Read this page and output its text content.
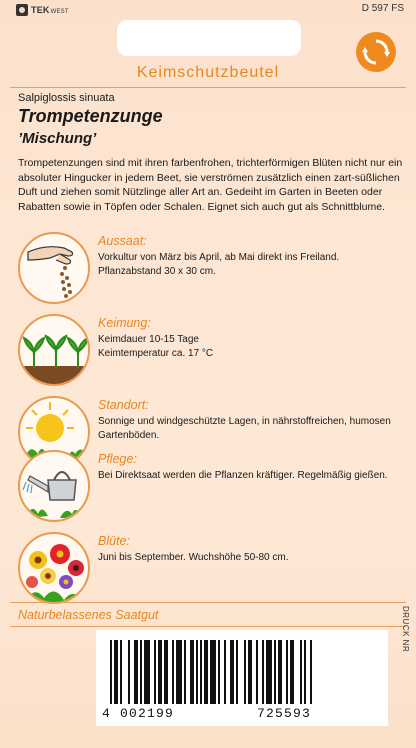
TEKWEST	D 597 FS
Keimschutzbeutel
Salpiglossis sinuata
Trompetenzunge
’Mischung’
Trompetenzungen sind mit ihren farbenfrohen, trichterförmigen Blüten nicht nur ein absoluter Hingucker in jedem Beet, sie verströmen zusätzlich einen zart-süßlichen Duft und ziehen somit Nützlinge aller Art an. Gedeiht im Garten in Beeten oder Rabatten sowie in Töpfen oder Schalen. Eignet sich auch gut als Schnittblume.
Aussaat:
Vorkultur von März bis April, ab Mai direkt ins Freiland. Pflanzabstand 30 x 30 cm.
Keimung:
Keimdauer 10-15 Tage Keimtemperatur ca. 17 °C
Standort:
Sonnige und windgeschützte Lagen, in nährstoffreichen, humosen Gartenböden.
Pflege:
Bei Direktsaat werden die Pflanzen kräftiger. Regelmäßig gießen.
Blüte:
Juni bis September. Wuchshöhe 50-80 cm.
Naturbelassenes Saatgut	DRUCK NR
4 002199	725593
